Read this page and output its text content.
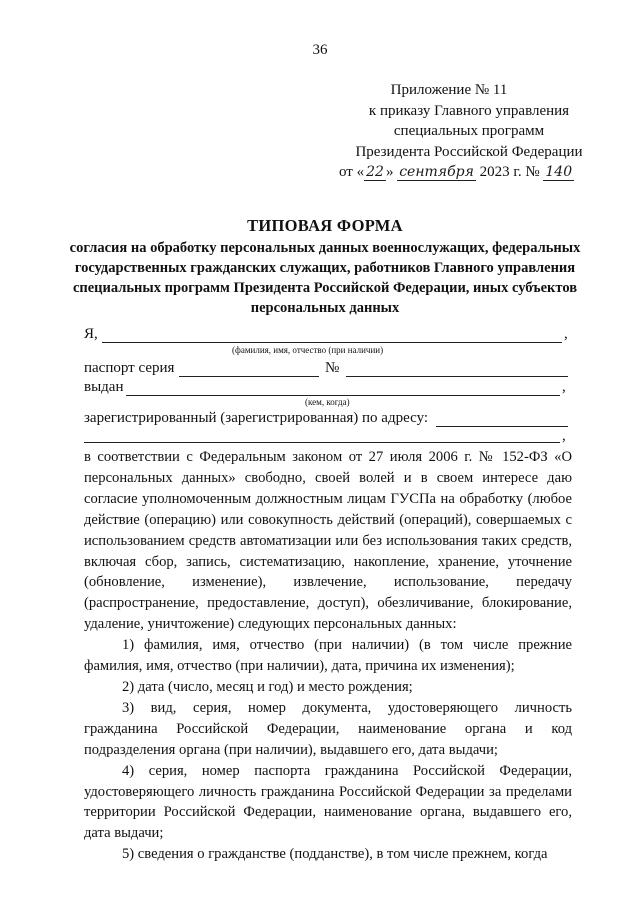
36
Приложение № 11
к приказу Главного управления
специальных программ
Президента Российской Федерации
от « 22 » сентября 2023 г. № 140
ТИПОВАЯ ФОРМА
согласия на обработку персональных данных военнослужащих, федеральных государственных гражданских служащих, работников Главного управления специальных программ Президента Российской Федерации, иных субъектов персональных данных
Я,	,
(фамилия, имя, отчество (при наличии)
паспорт серия	№
выдан	,
(кем, когда)
зарегистрированный (зарегистрированная) по адресу:
,

в соответствии с Федеральным законом от 27 июля 2006 г. № 152-ФЗ «О персональных данных» свободно, своей волей и в своем интересе даю согласие уполномоченным должностным лицам ГУСПа на обработку (любое действие (операцию) или совокупность действий (операций), совершаемых с использованием средств автоматизации или без использования таких средств, включая сбор, запись, систематизацию, накопление, хранение, уточнение (обновление, изменение), извлечение, использование, передачу (распространение, предоставление, доступ), обезличивание, блокирование, удаление, уничтожение) следующих персональных данных:

1) фамилия, имя, отчество (при наличии) (в том числе прежние фамилия, имя, отчество (при наличии), дата, причина их изменения);

2) дата (число, месяц и год) и место рождения;

3) вид, серия, номер документа, удостоверяющего личность гражданина Российской Федерации, наименование органа и код подразделения органа (при наличии), выдавшего его, дата выдачи;

4) серия, номер паспорта гражданина Российской Федерации, удостоверяющего личность гражданина Российской Федерации за пределами территории Российской Федерации, наименование органа, выдавшего его, дата выдачи;

5) сведения о гражданстве (подданстве), в том числе прежнем, когда
